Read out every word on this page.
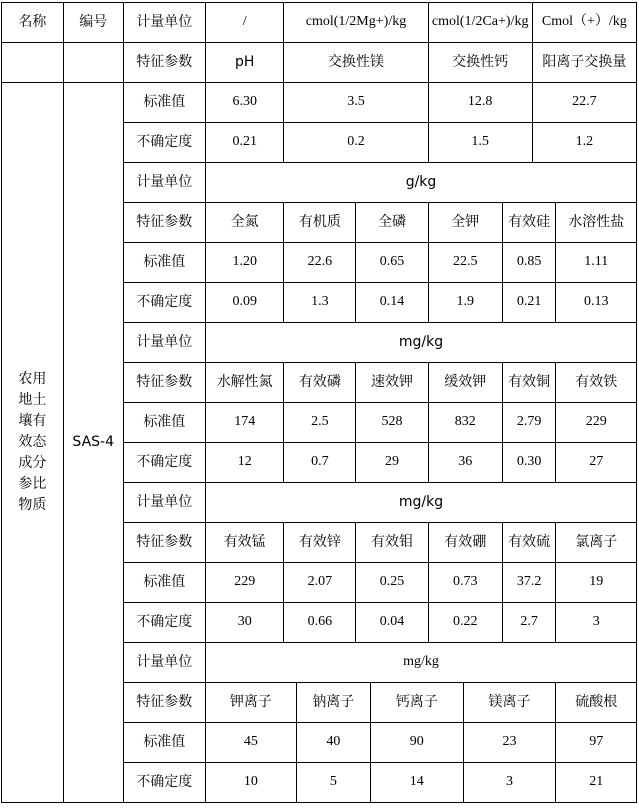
名称	编号	计量单位	/	cmol(1/2Mg+)/kg				cmol(1/2Ca+)/kg			Cmol（+）/kg	
		特征参数	pH	交换性镁				交换性钙			阳离子交换量	
农用地土壤有效态成分参比物质	SAS-4	标准值	6.30	3.5				12.8			22.7	
		不确定度	0.21	0.2				1.5			1.2	
		计量单位	g/kg									
		特征参数	全氮	有机质		全磷		全钾		有效硅		水溶性盐
		标准值	1.20	22.6		0.65		22.5		0.85		1.11
		不确定度	0.09	1.3		0.14		1.9		0.21		0.13
		计量单位	mg/kg									
		特征参数	水解性氮	有效磷		速效钾		缓效钾		有效铜		有效铁
		标准值	174	2.5		528		832		2.79		229
		不确定度	12	0.7		29		36		0.30		27
		计量单位	mg/kg									
		特征参数	有效锰	有效锌		有效钼		有效硼		有效硫		氯离子
		标准值	229	2.07		0.25		0.73		37.2		19
		不确定度	30	0.66		0.04		0.22		2.7		3
		计量单位	mg/kg									
		特征参数	钾离子		钠离子		钙离子		镁离子			硫酸根
		标准值	45		40		90		23			97
		不确定度	10		5		14		3			21
